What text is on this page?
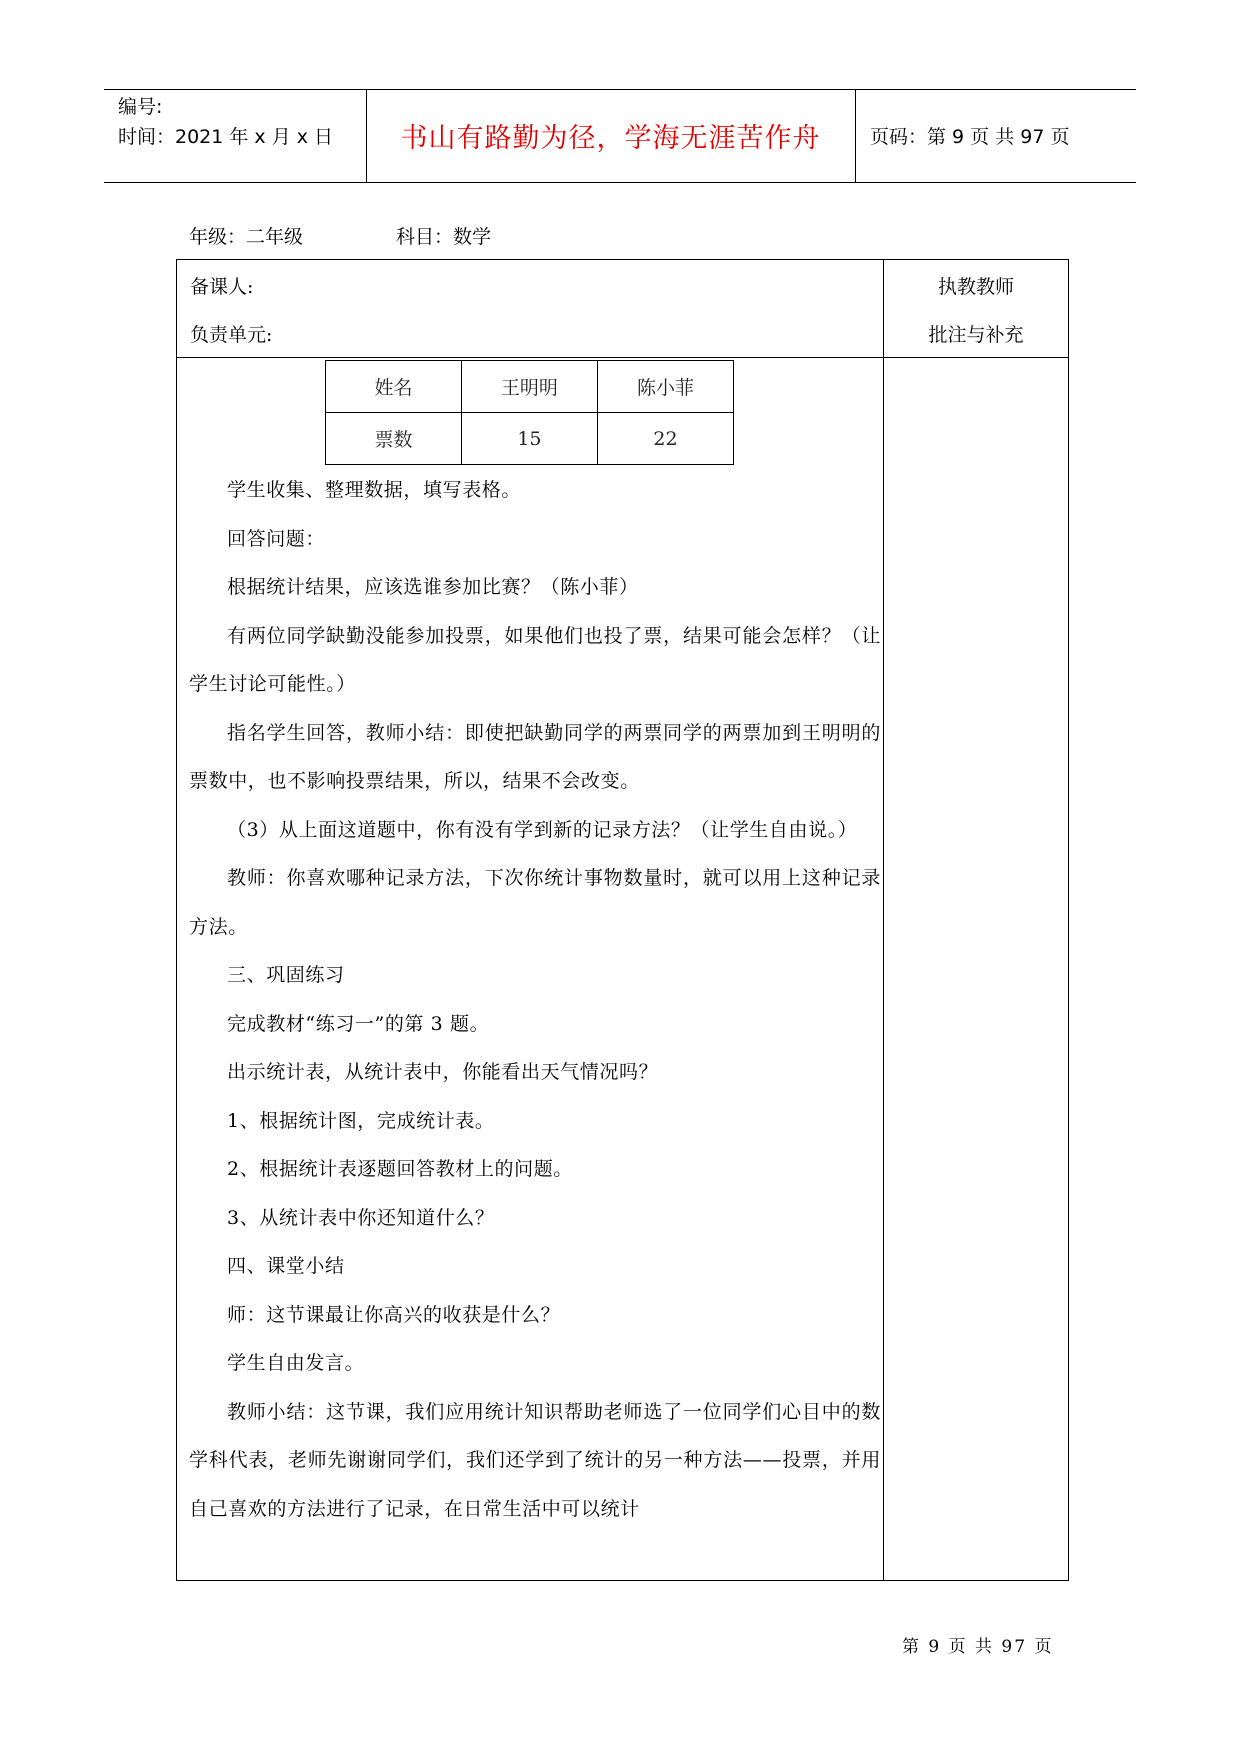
编号:
时间：2021 年 x 月 x 日	书山有路勤为径，学海无涯苦作舟	页码：第 9 页 共 97 页
年级：二年级	科目：数学
备课人:
负责单元:
执教教师
批注与补充
姓名	王明明	陈小菲
票数	15	22

学生收集、整理数据，填写表格。

回答问题：

根据统计结果，应该选谁参加比赛？（陈小菲）

有两位同学缺勤没能参加投票，如果他们也投了票，结果可能会怎样？（让学生讨论可能性。）

指名学生回答，教师小结：即使把缺勤同学的两票同学的两票加到王明明的票数中，也不影响投票结果，所以，结果不会改变。

（3）从上面这道题中，你有没有学到新的记录方法？（让学生自由说。）

教师：你喜欢哪种记录方法，下次你统计事物数量时，就可以用上这种记录方法。

三、巩固练习

完成教材“练习一”的第 3 题。

出示统计表，从统计表中，你能看出天气情况吗？

1、根据统计图，完成统计表。

2、根据统计表逐题回答教材上的问题。

3、从统计表中你还知道什么？

四、课堂小结

师：这节课最让你高兴的收获是什么？

学生自由发言。

教师小结：这节课，我们应用统计知识帮助老师选了一位同学们心目中的数学科代表，老师先谢谢同学们，我们还学到了统计的另一种方法——投票，并用自己喜欢的方法进行了记录，在日常生活中可以统计

第 9 页 共 97 页
